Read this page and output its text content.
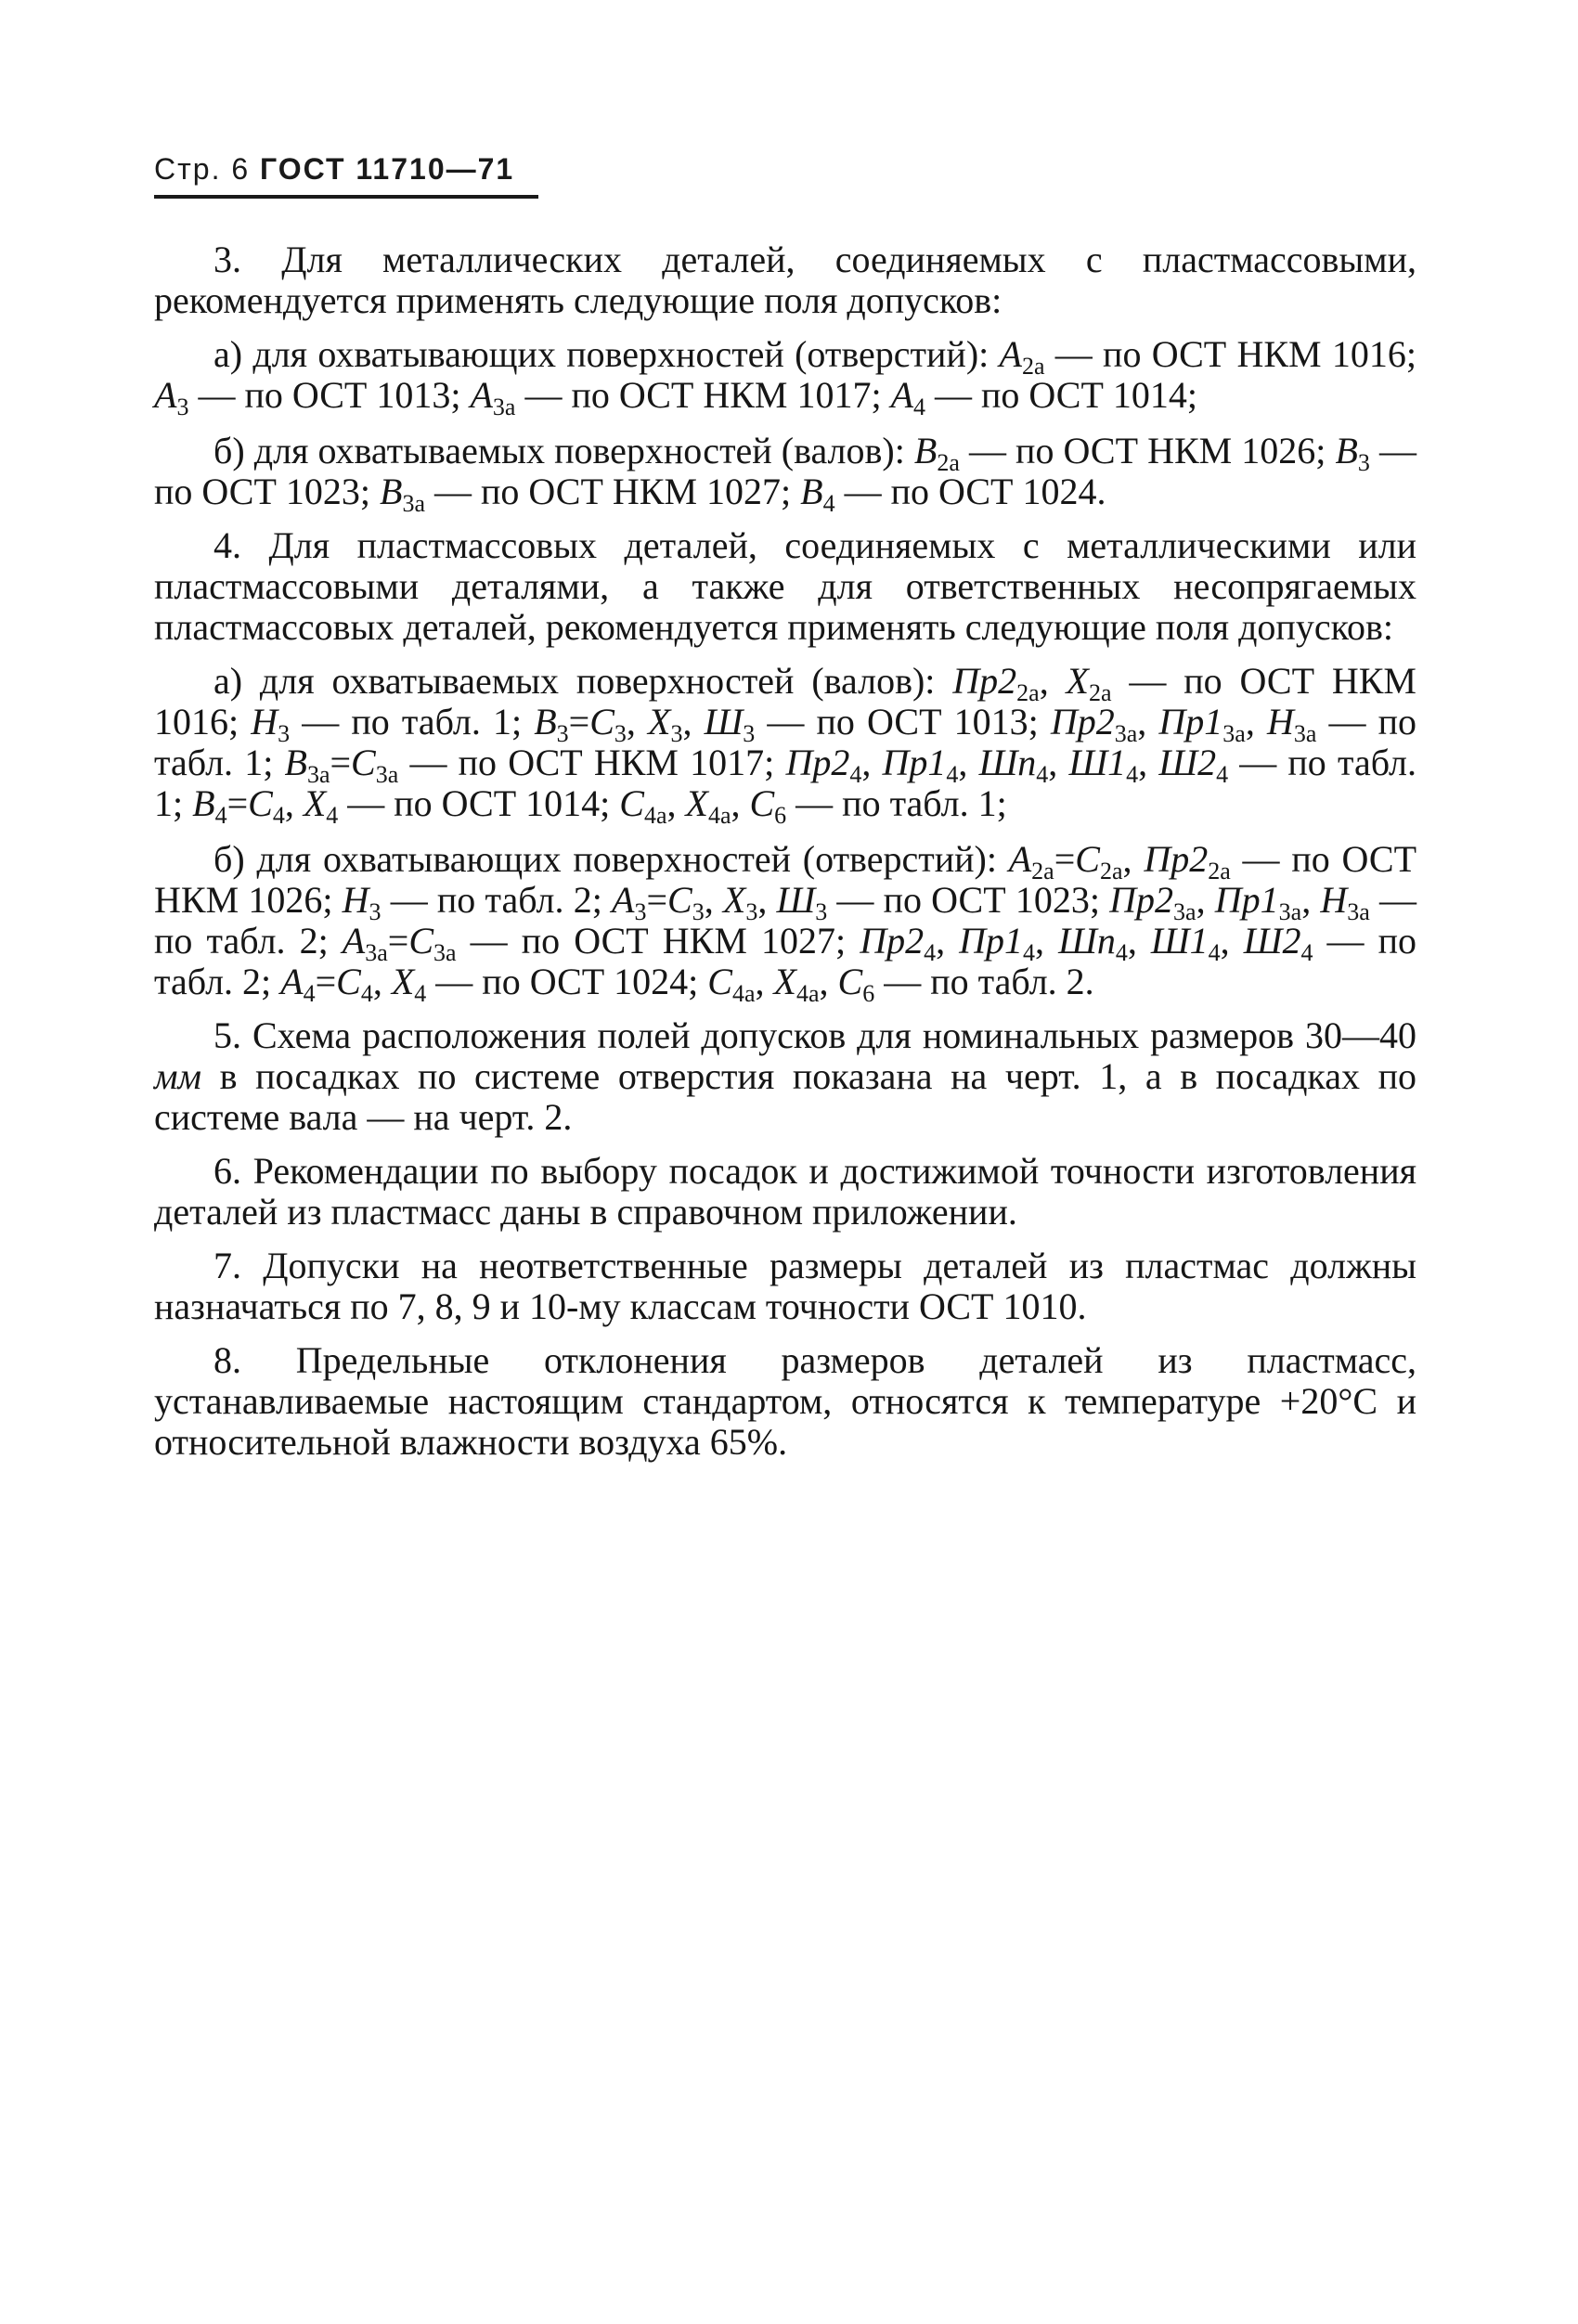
Стр. 6 ГОСТ 11710—71

3. Для металлических деталей, соединяемых с пластмассовыми, рекомендуется применять следующие поля допусков:

а) для охватывающих поверхностей (отверстий): $А_{2а}$ — по ОСТ НКМ 1016; $А_3$ — по ОСТ 1013; $А_{3а}$ — по ОСТ НКМ 1017; $А_4$ — по ОСТ 1014;

б) для охватываемых поверхностей (валов): $В_{2а}$ — по ОСТ НКМ 1026; $В_3$ — по ОСТ 1023; $В_{3а}$ — по ОСТ НКМ 1027; $В_4$ — по ОСТ 1024.

4. Для пластмассовых деталей, соединяемых с металлическими или пластмассовыми деталями, а также для ответственных несопрягаемых пластмассовых деталей, рекомендуется применять следующие поля допусков:

а) для охватываемых поверхностей (валов): $Пр2_{2а}$, $Х_{2а}$ — по ОСТ НКМ 1016; $Н_3$ — по табл. 1; $В_3=С_3$, $Х_3$, $Ш_3$ — по ОСТ 1013; $Пр2_{3а}$, $Пр1_{3а}$, $Н_{3а}$ — по табл. 1; $В_{3а}=С_{3а}$ — по ОСТ НКМ 1017; $Пр2_4$, $Пр1_4$, $Шп_4$, $Ш1_4$, $Ш2_4$ — по табл. 1; $В_4=С_4$, $Х_4$ — по ОСТ 1014; $С_{4а}$, $Х_{4а}$, $С_6$ — по табл. 1;

б) для охватывающих поверхностей (отверстий): $А_{2а}=С_{2а}$, $Пр2_{2а}$ — по ОСТ НКМ 1026; $Н_3$ — по табл. 2; $А_3=С_3$, $Х_3$, $Ш_3$ — по ОСТ 1023; $Пр2_{3а}$, $Пр1_{3а}$, $Н_{3а}$ — по табл. 2; $А_{3а}=С_{3а}$ — по ОСТ НКМ 1027; $Пр2_4$, $Пр1_4$, $Шп_4$, $Ш1_4$, $Ш2_4$ — по табл. 2; $А_4=С_4$, $Х_4$ — по ОСТ 1024; $С_{4а}$, $Х_{4а}$, $С_6$ — по табл. 2.

5. Схема расположения полей допусков для номинальных размеров 30—40 мм в посадках по системе отверстия показана на черт. 1, а в посадках по системе вала — на черт. 2.

6. Рекомендации по выбору посадок и достижимой точности изготовления деталей из пластмасс даны в справочном приложении.

7. Допуски на неответственные размеры деталей из пластмас должны назначаться по 7, 8, 9 и 10-му классам точности ОСТ 1010.

8. Предельные отклонения размеров деталей из пластмасс, устанавливаемые настоящим стандартом, относятся к температуре +20°С и относительной влажности воздуха 65%.
